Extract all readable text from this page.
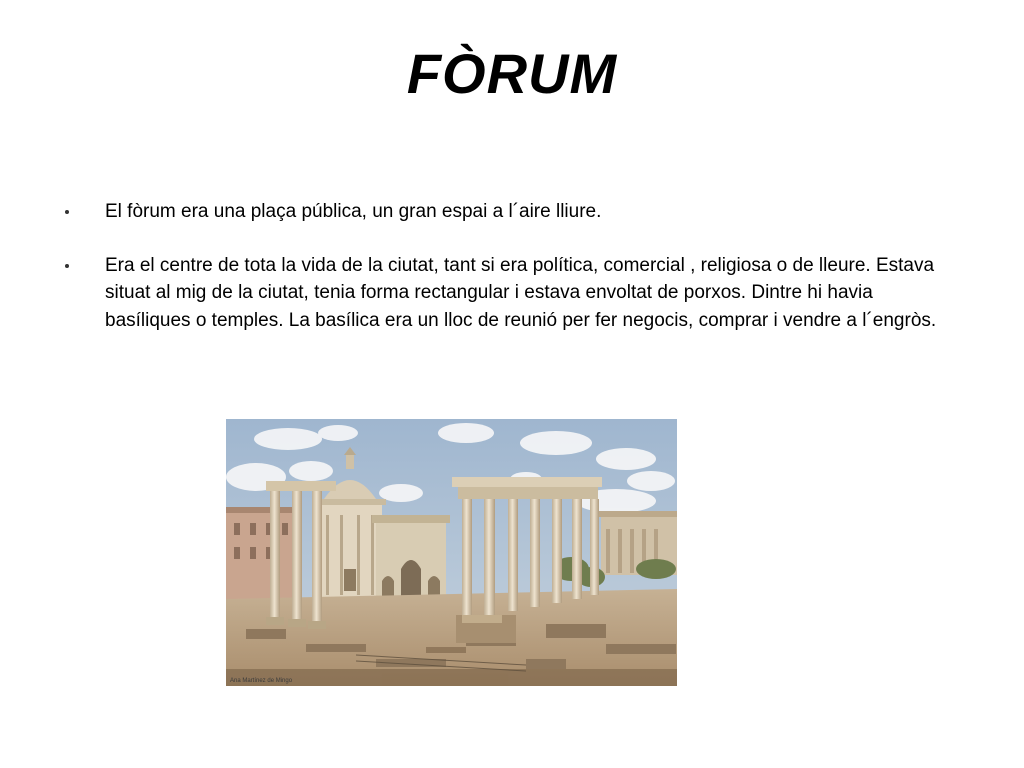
FÒRUM
El fòrum era una plaça pública, un gran espai a l´aire lliure.
Era el centre de tota la vida de la ciutat, tant si era política, comercial , religiosa o de lleure. Estava situat al mig de la ciutat, tenia forma rectangular i estava envoltat de porxos. Dintre hi havia basíliques o temples. La basílica era un lloc de reunió per fer negocis, comprar i vendre a l´engròs.
Ana Martínez de Mingo
